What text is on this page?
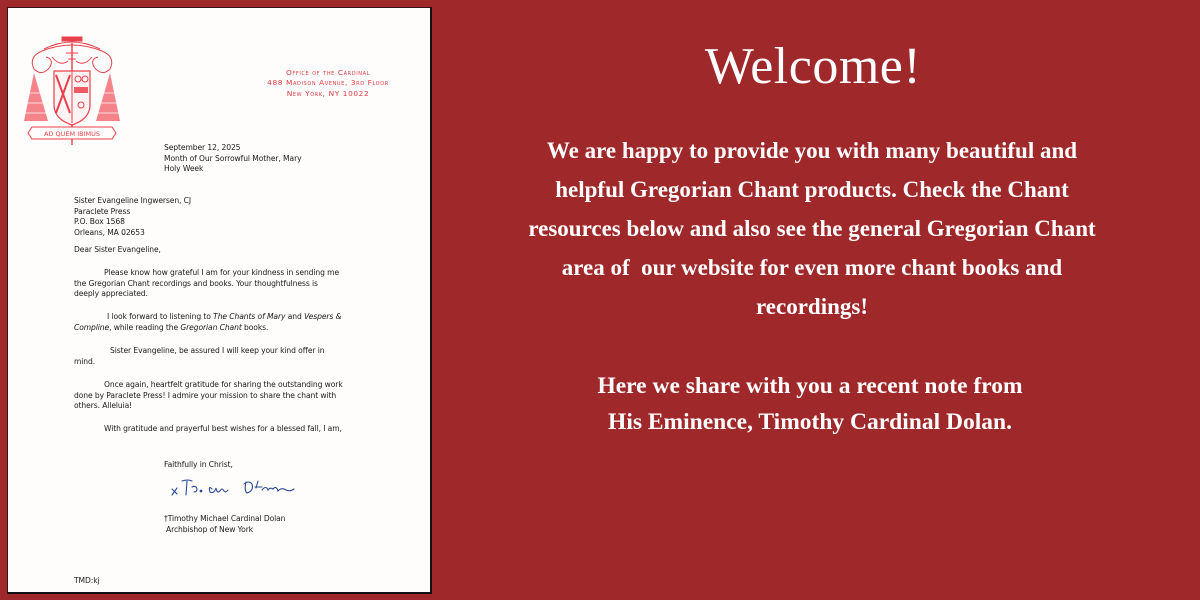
AD QUEM IBIMUS
Office of the Cardinal
488 Madison Avenue, 3rd Floor
New York, NY 10022
September 12, 2025
Month of Our Sorrowful Mother, Mary
Holy Week
Sister Evangeline Ingwersen, CJ
Paraclete Press
P.O. Box 1568
Orleans, MA 02653
Dear Sister Evangeline,
Please know how grateful I am for your kindness in sending me
the Gregorian Chant recordings and books. Your thoughtfulness is
deeply appreciated.
I look forward to listening to The Chants of Mary and Vespers &
Compline, while reading the Gregorian Chant books.
Sister Evangeline, be assured I will keep your kind offer in
mind.
Once again, heartfelt gratitude for sharing the outstanding work
done by Paraclete Press! I admire your mission to share the chant with
others. Alleluia!
With gratitude and prayerful best wishes for a blessed fall, I am,
Faithfully in Christ,
†Timothy Michael Cardinal Dolan
Archbishop of New York
TMD:kj
Welcome!
We are happy to provide you with many beautiful and
helpful Gregorian Chant products. Check the Chant
resources below and also see the general Gregorian Chant
area of  our website for even more chant books and
recordings!
Here we share with you a recent note from
His Eminence, Timothy Cardinal Dolan.
